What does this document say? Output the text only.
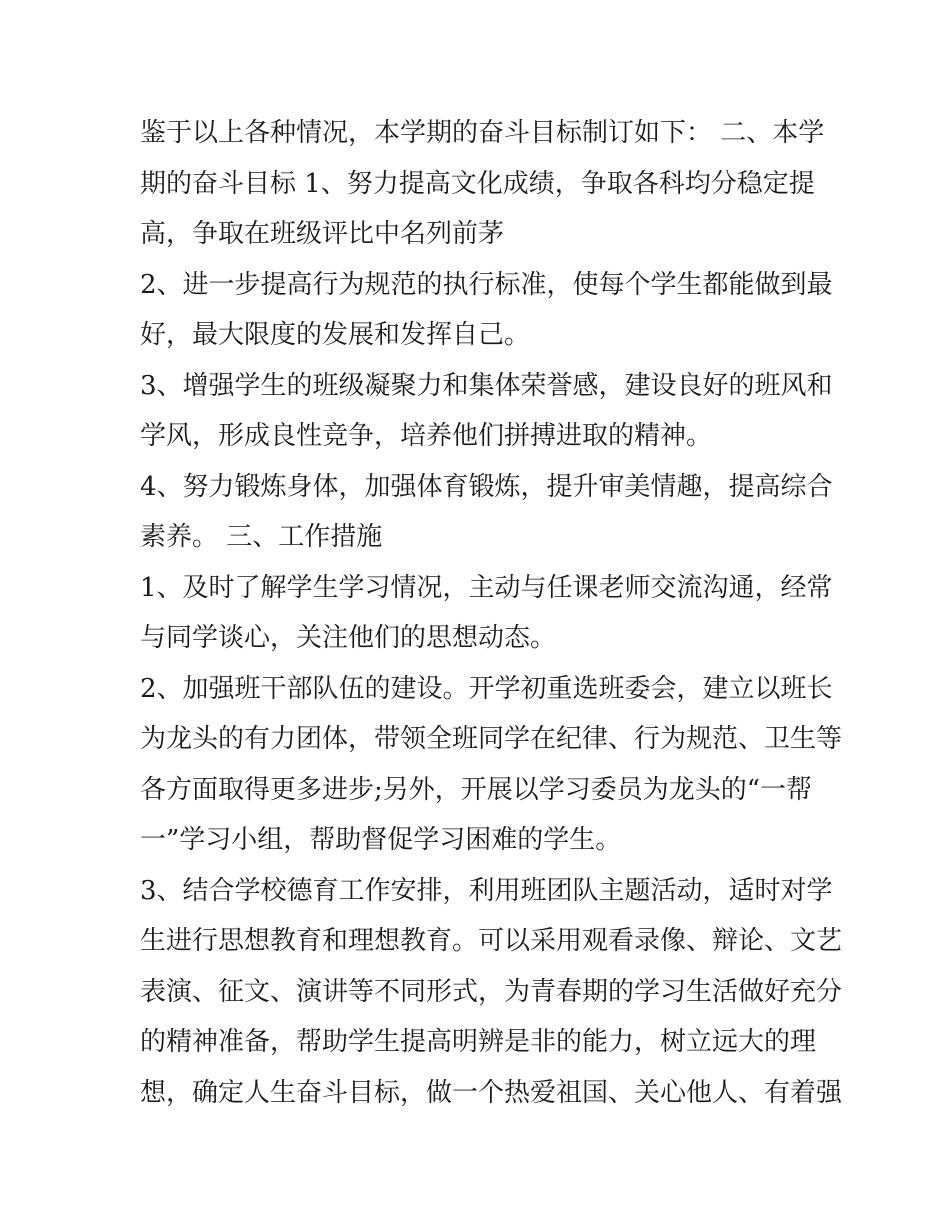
鉴于以上各种情况，本学期的奋斗目标制订如下： 二、本学
期的奋斗目标 1、努力提高文化成绩，争取各科均分稳定提
高，争取在班级评比中名列前茅

2、进一步提高行为规范的执行标准，使每个学生都能做到最
好，最大限度的发展和发挥自己。

3、增强学生的班级凝聚力和集体荣誉感，建设良好的班风和
学风，形成良性竞争，培养他们拼搏进取的精神。

4、努力锻炼身体，加强体育锻炼，提升审美情趣，提高综合
素养。 三、工作措施

1、及时了解学生学习情况，主动与任课老师交流沟通，经常
与同学谈心，关注他们的思想动态。

2、加强班干部队伍的建设。开学初重选班委会，建立以班长
为龙头的有力团体，带领全班同学在纪律、行为规范、卫生等
各方面取得更多进步;另外，开展以学习委员为龙头的“一帮
一”学习小组，帮助督促学习困难的学生。

3、结合学校德育工作安排，利用班团队主题活动，适时对学
生进行思想教育和理想教育。可以采用观看录像、辩论、文艺
表演、征文、演讲等不同形式，为青春期的学习生活做好充分
的精神准备，帮助学生提高明辨是非的能力，树立远大的理
想，确定人生奋斗目标，做一个热爱祖国、关心他人、有着强
